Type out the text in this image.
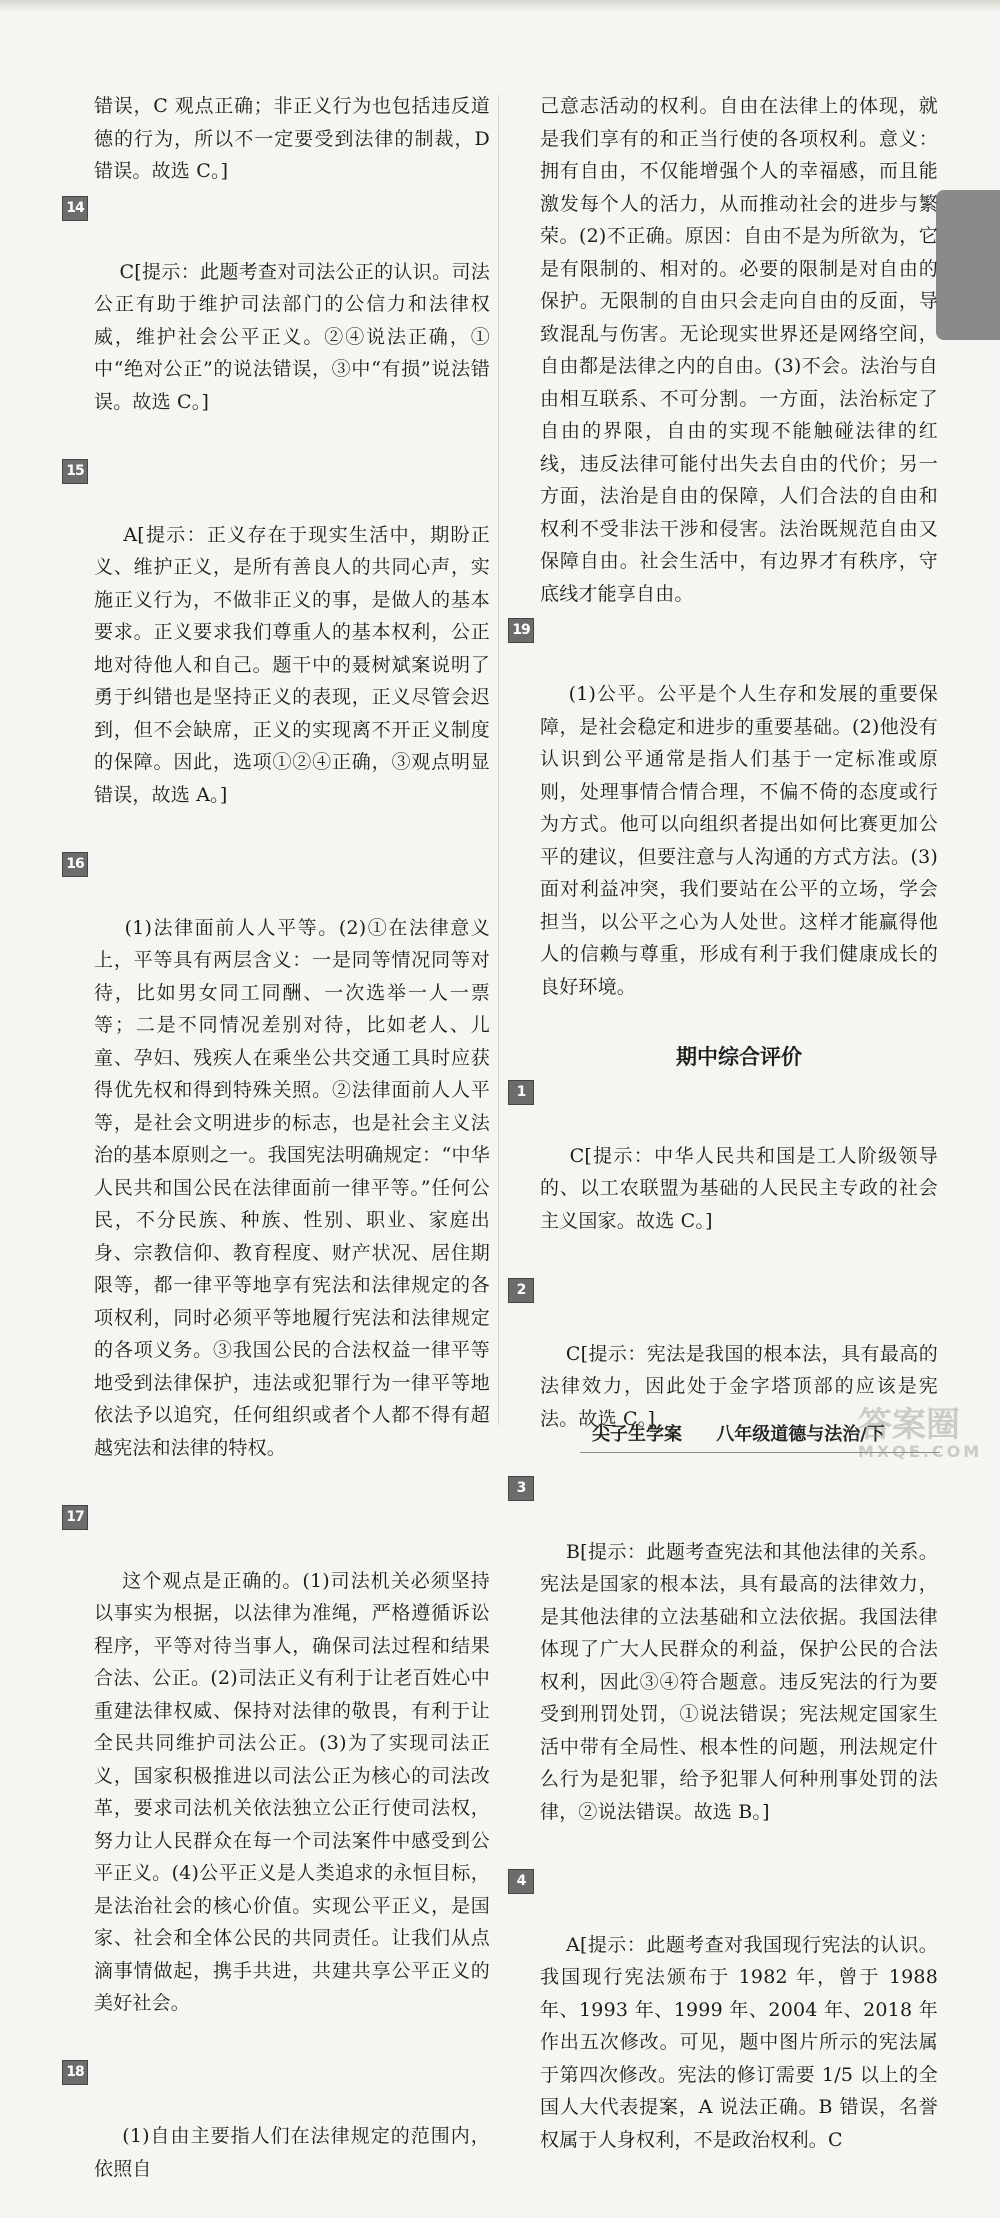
错误，C 观点正确；非正义行为也包括违反道德的行为，所以不一定要受到法律的制裁，D 错误。故选 C。]

14

C[提示：此题考查对司法公正的认识。司法公正有助于维护司法部门的公信力和法律权威，维护社会公平正义。②④说法正确，①中“绝对公正”的说法错误，③中“有损”说法错误。故选 C。]

15

A[提示：正义存在于现实生活中，期盼正义、维护正义，是所有善良人的共同心声，实施正义行为，不做非正义的事，是做人的基本要求。正义要求我们尊重人的基本权利，公正地对待他人和自己。题干中的聂树斌案说明了勇于纠错也是坚持正义的表现，正义尽管会迟到，但不会缺席，正义的实现离不开正义制度的保障。因此，选项①②④正确，③观点明显错误，故选 A。]

16

(1)法律面前人人平等。(2)①在法律意义上，平等具有两层含义：一是同等情况同等对待，比如男女同工同酬、一次选举一人一票等；二是不同情况差别对待，比如老人、儿童、孕妇、残疾人在乘坐公共交通工具时应获得优先权和得到特殊关照。②法律面前人人平等，是社会文明进步的标志，也是社会主义法治的基本原则之一。我国宪法明确规定：“中华人民共和国公民在法律面前一律平等。”任何公民，不分民族、种族、性别、职业、家庭出身、宗教信仰、教育程度、财产状况、居住期限等，都一律平等地享有宪法和法律规定的各项权利，同时必须平等地履行宪法和法律规定的各项义务。③我国公民的合法权益一律平等地受到法律保护，违法或犯罪行为一律平等地依法予以追究，任何组织或者个人都不得有超越宪法和法律的特权。

17

这个观点是正确的。(1)司法机关必须坚持以事实为根据，以法律为准绳，严格遵循诉讼程序，平等对待当事人，确保司法过程和结果合法、公正。(2)司法正义有利于让老百姓心中重建法律权威、保持对法律的敬畏，有利于让全民共同维护司法公正。(3)为了实现司法正义，国家积极推进以司法公正为核心的司法改革，要求司法机关依法独立公正行使司法权，努力让人民群众在每一个司法案件中感受到公平正义。(4)公平正义是人类追求的永恒目标，是法治社会的核心价值。实现公平正义，是国家、社会和全体公民的共同责任。让我们从点滴事情做起，携手共进，共建共享公平正义的美好社会。

18

(1)自由主要指人们在法律规定的范围内，依照自

己意志活动的权利。自由在法律上的体现，就是我们享有的和正当行使的各项权利。意义：拥有自由，不仅能增强个人的幸福感，而且能激发每个人的活力，从而推动社会的进步与繁荣。(2)不正确。原因：自由不是为所欲为，它是有限制的、相对的。必要的限制是对自由的保护。无限制的自由只会走向自由的反面，导致混乱与伤害。无论现实世界还是网络空间，自由都是法律之内的自由。(3)不会。法治与自由相互联系、不可分割。一方面，法治标定了自由的界限，自由的实现不能触碰法律的红线，违反法律可能付出失去自由的代价；另一方面，法治是自由的保障，人们合法的自由和权利不受非法干涉和侵害。法治既规范自由又保障自由。社会生活中，有边界才有秩序，守底线才能享自由。

19

(1)公平。公平是个人生存和发展的重要保障，是社会稳定和进步的重要基础。(2)他没有认识到公平通常是指人们基于一定标准或原则，处理事情合情合理，不偏不倚的态度或行为方式。他可以向组织者提出如何比赛更加公平的建议，但要注意与人沟通的方式方法。(3)面对利益冲突，我们要站在公平的立场，学会担当，以公平之心为人处世。这样才能赢得他人的信赖与尊重，形成有利于我们健康成长的良好环境。

期中综合评价

1

C[提示：中华人民共和国是工人阶级领导的、以工农联盟为基础的人民民主专政的社会主义国家。故选 C。]

2

C[提示：宪法是我国的根本法，具有最高的法律效力，因此处于金字塔顶部的应该是宪法。故选 C。]

3

B[提示：此题考查宪法和其他法律的关系。宪法是国家的根本法，具有最高的法律效力，是其他法律的立法基础和立法依据。我国法律体现了广大人民群众的利益，保护公民的合法权利，因此③④符合题意。违反宪法的行为要受到刑罚处罚，①说法错误；宪法规定国家生活中带有全局性、根本性的问题，刑法规定什么行为是犯罪，给予犯罪人何种刑事处罚的法律，②说法错误。故选 B。]

4

A[提示：此题考查对我国现行宪法的认识。我国现行宪法颁布于 1982 年，曾于 1988 年、1993 年、1999 年、2004 年、2018 年作出五次修改。可见，题中图片所示的宪法属于第四次修改。宪法的修订需要 1/5 以上的全国人大代表提案，A 说法正确。B 错误，名誉权属于人身权利，不是政治权利。C

尖子生学案 八年级道德与法治/下
答案圈
MXQE.COM
